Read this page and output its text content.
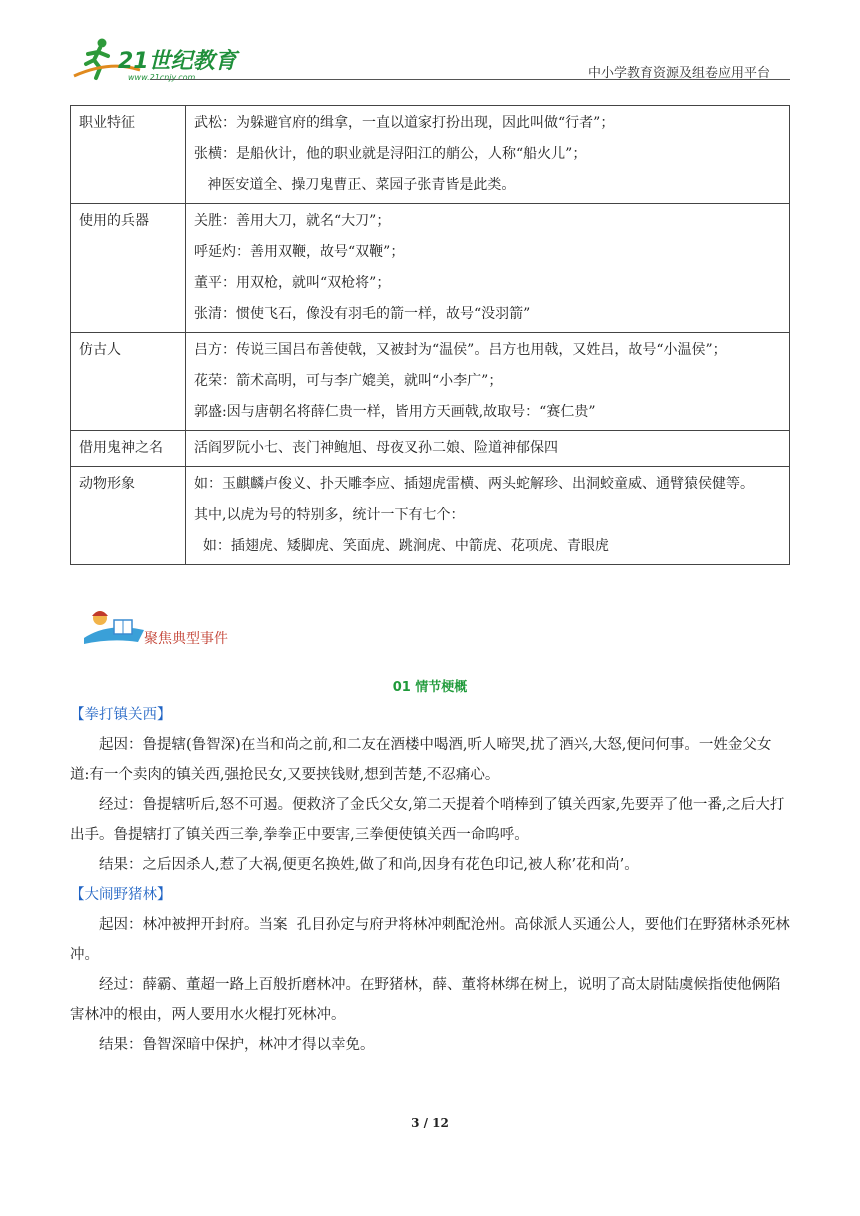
21世纪教育
www.21cnjy.com	中小学教育资源及组卷应用平台
职业特征	武松：为躲避官府的缉拿，一直以道家打扮出现，因此叫做“行者”；
张横：是船伙计，他的职业就是浔阳江的艄公，人称“船火儿”；
神医安道全、操刀鬼曹正、菜园子张青皆是此类。

使用的兵器	关胜：善用大刀，就名“大刀”；
呼延灼：善用双鞭，故号“双鞭”；
董平：用双枪，就叫“双枪将”；
张清：惯使飞石，像没有羽毛的箭一样，故号“没羽箭”

仿古人	吕方：传说三国吕布善使戟，又被封为“温侯”。吕方也用戟，又姓吕，故号“小温侯”；
花荣：箭术高明，可与李广媲美，就叫“小李广”；
郭盛:因与唐朝名将薛仁贵一样，皆用方天画戟,故取号：“赛仁贵”

借用鬼神之名	活阎罗阮小七、丧门神鲍旭、母夜叉孙二娘、险道神郁保四

动物形象	如：玉麒麟卢俊义、扑天雕李应、插翅虎雷横、两头蛇解珍、出洞蛟童威、通臂猿侯健等。
其中,以虎为号的特别多，统计一下有七个：
如：插翅虎、矮脚虎、笑面虎、跳涧虎、中箭虎、花项虎、青眼虎
聚焦典型事件
01 情节梗概
【拳打镇关西】

起因：鲁提辖(鲁智深)在当和尚之前,和二友在酒楼中喝酒,听人啼哭,扰了酒兴,大怒,便问何事。一姓金父女道:有一个卖肉的镇关西,强抢民女,又要挟钱财,想到苦楚,不忍痛心。

经过：鲁提辖听后,怒不可遏。便救济了金氏父女,第二天提着个哨棒到了镇关西家,先要弄了他一番,之后大打出手。鲁提辖打了镇关西三拳,拳拳正中要害,三拳便使镇关西一命呜呼。

结果：之后因杀人,惹了大祸,便更名换姓,做了和尚,因身有花色印记,被人称’花和尚’。

【大闹野猪林】

起因：林冲被押开封府。当案  孔目孙定与府尹将林冲刺配沧州。高俅派人买通公人，要他们在野猪林杀死林冲。

经过：薛霸、董超一路上百般折磨林冲。在野猪林，薛、董将林绑在树上，说明了高太尉陆虞候指使他俩陷害林冲的根由，两人要用水火棍打死林冲。

结果：鲁智深暗中保护，林冲才得以幸免。

3 / 12
